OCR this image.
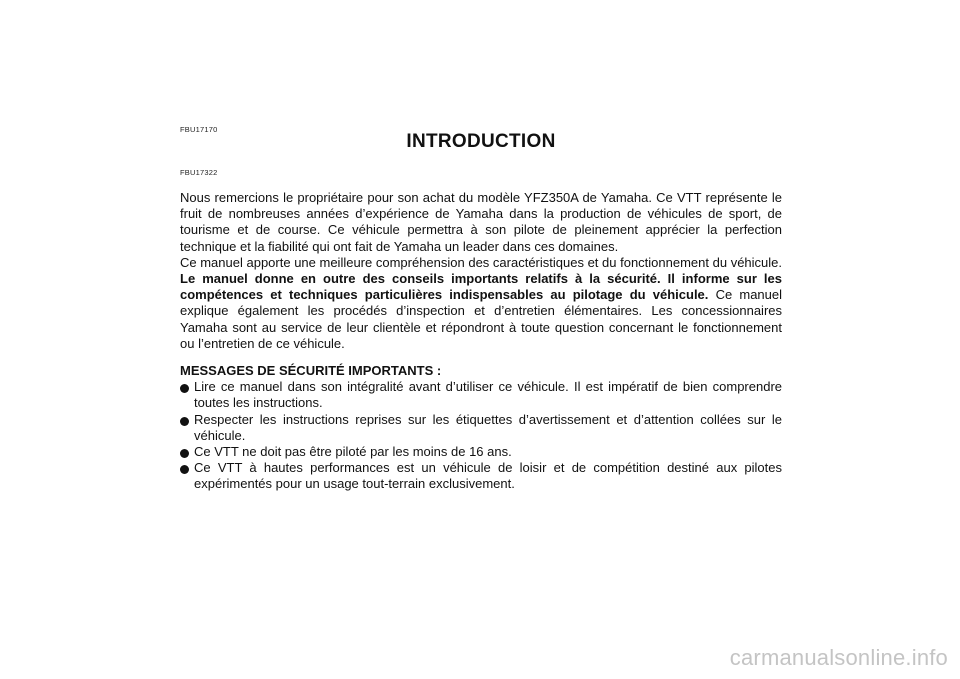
FBU17170
INTRODUCTION
FBU17322

Nous remercions le propriétaire pour son achat du modèle YFZ350A de Yamaha. Ce VTT représente le fruit de nombreuses années d’expérience de Yamaha dans la production de véhicules de sport, de tourisme et de course. Ce véhicule permettra à son pilote de pleinement apprécier la perfection technique et la fiabilité qui ont fait de Yamaha un leader dans ces domaines.

Ce manuel apporte une meilleure compréhension des caractéristiques et du fonctionnement du véhicule. Le manuel donne en outre des conseils importants relatifs à la sécurité. Il informe sur les compétences et techniques particulières indispensables au pilotage du véhicule. Ce manuel explique également les procédés d’inspection et d’entretien élémentaires. Les concessionnaires Yamaha sont au service de leur clientèle et répondront à toute question concernant le fonctionnement ou l’entretien de ce véhicule.

MESSAGES DE SÉCURITÉ IMPORTANTS :

Lire ce manuel dans son intégralité avant d’utiliser ce véhicule. Il est impératif de bien comprendre toutes les instructions.
Respecter les instructions reprises sur les étiquettes d’avertissement et d’attention collées sur le véhicule.
Ce VTT ne doit pas être piloté par les moins de 16 ans.
Ce VTT à hautes performances est un véhicule de loisir et de compétition destiné aux pilotes expérimentés pour un usage tout-terrain exclusivement.
carmanualsonline.info
